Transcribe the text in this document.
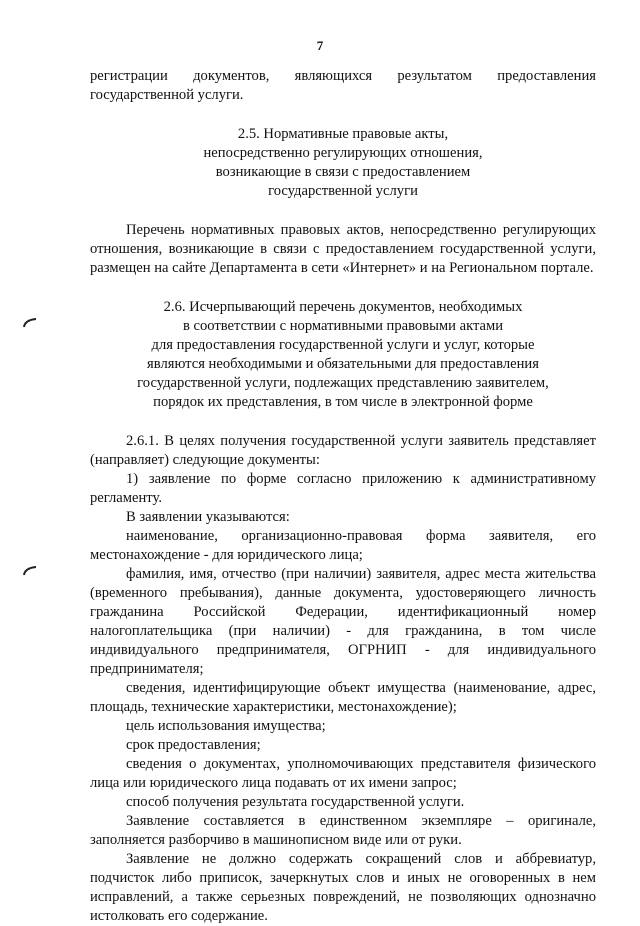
7

регистрации документов, являющихся результатом предоставления государственной услуги.

2.5. Нормативные правовые акты,
непосредственно регулирующих отношения,
возникающие в связи с предоставлением
государственной услуги

Перечень нормативных правовых актов, непосредственно регулирующих отношения, возникающие в связи с предоставлением государственной услуги, размещен на сайте Департамента в сети «Интернет» и на Региональном портале.

2.6. Исчерпывающий перечень документов, необходимых
в соответствии с нормативными правовыми актами
для предоставления государственной услуги и услуг, которые
являются необходимыми и обязательными для предоставления
государственной услуги, подлежащих представлению заявителем,
порядок их представления, в том числе в электронной форме

2.6.1. В целях получения государственной услуги заявитель представляет (направляет) следующие документы:

1) заявление по форме согласно приложению к административному регламенту.

В заявлении указываются:

наименование, организационно-правовая форма заявителя, его местонахождение - для юридического лица;

фамилия, имя, отчество (при наличии) заявителя, адрес места жительства (временного пребывания), данные документа, удостоверяющего личность гражданина Российской Федерации, идентификационный номер налогоплательщика (при наличии) - для гражданина, в том числе индивидуального предпринимателя, ОГРНИП - для индивидуального предпринимателя;

сведения, идентифицирующие объект имущества (наименование, адрес, площадь, технические характеристики, местонахождение);

цель использования имущества;

срок предоставления;

сведения о документах, уполномочивающих представителя физического лица или юридического лица подавать от их имени запрос;

способ получения результата государственной услуги.

Заявление составляется в единственном экземпляре – оригинале, заполняется разборчиво в машинописном виде или от руки.

Заявление не должно содержать сокращений слов и аббревиатур, подчисток либо приписок, зачеркнутых слов и иных не оговоренных в нем исправлений, а также серьезных повреждений, не позволяющих однозначно истолковать его содержание.
